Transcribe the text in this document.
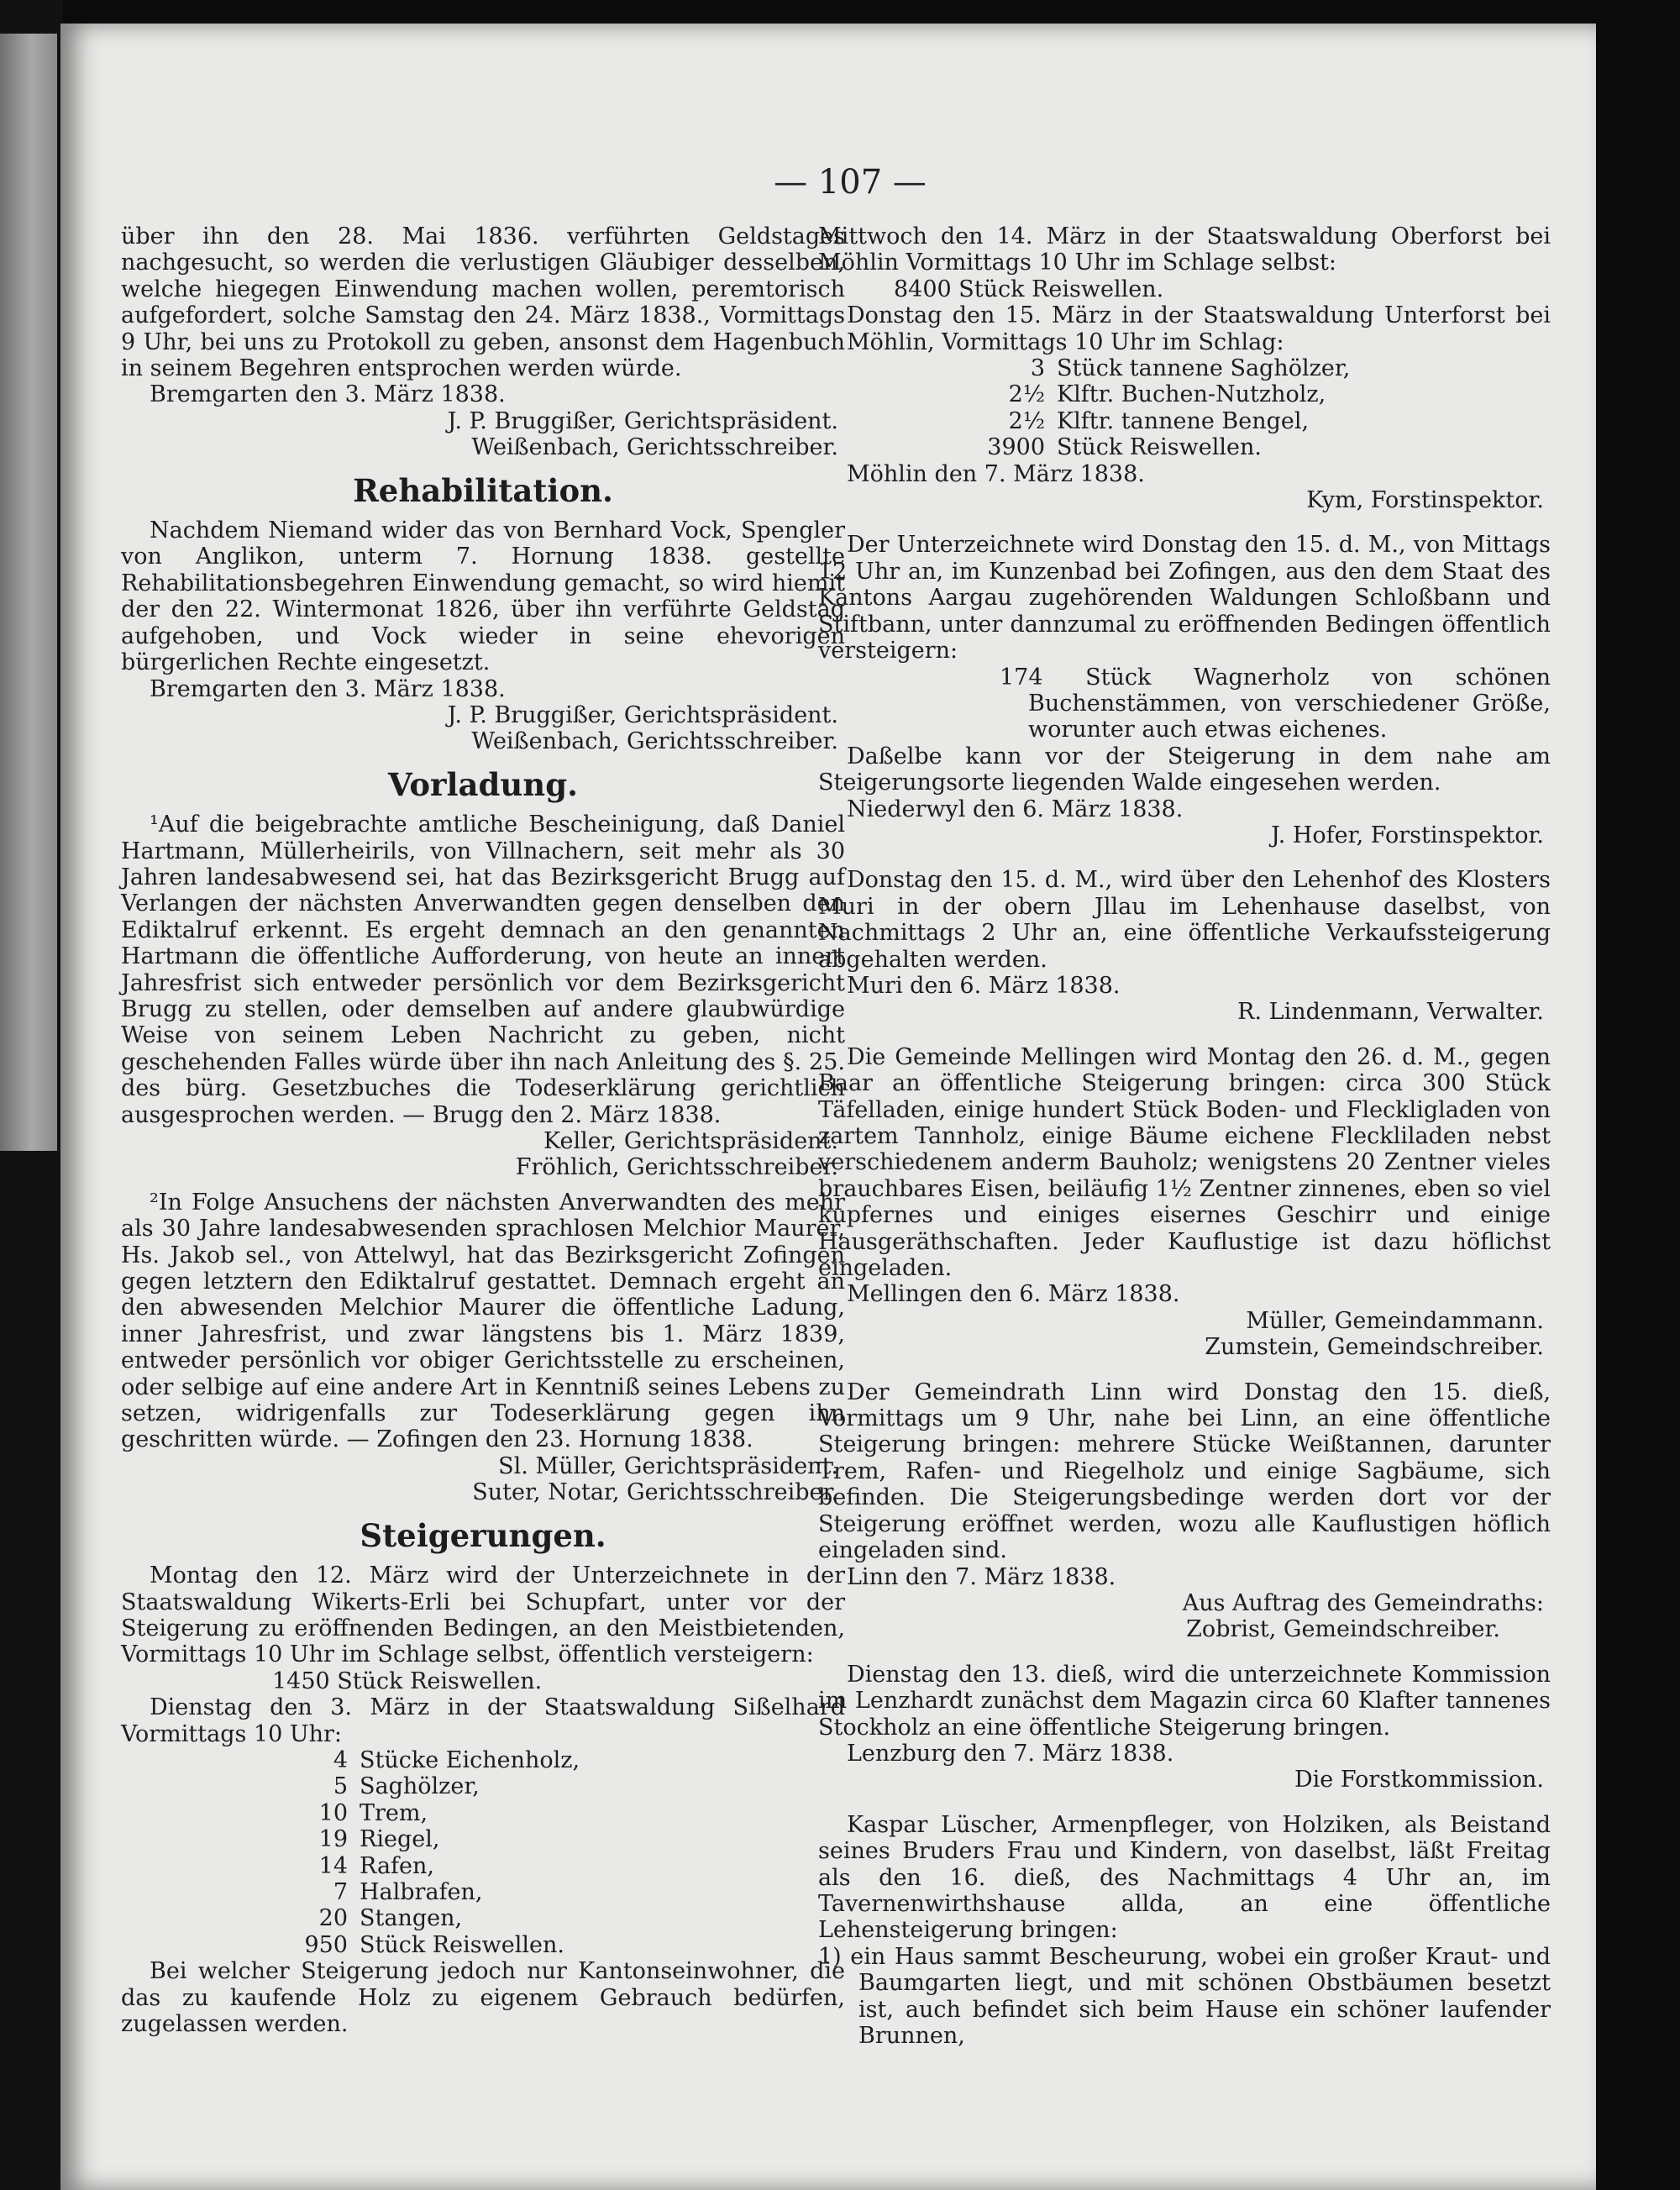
— 107 —

über ihn den 28. Mai 1836. verführten Geldstages nachgesucht, so werden die verlustigen Gläubiger desselben, welche hiegegen Einwendung machen wollen, peremtorisch aufgefordert, solche Samstag den 24. März 1838., Vormittags 9 Uhr, bei uns zu Protokoll zu geben, ansonst dem Hagenbuch in seinem Begehren entsprochen werden würde.

Bremgarten den 3. März 1838.

J. P. Bruggißer, Gerichtspräsident.

Weißenbach, Gerichtsschreiber.

Rehabilitation.

Nachdem Niemand wider das von Bernhard Vock, Spengler von Anglikon, unterm 7. Hornung 1838. gestellte Rehabilitationsbegehren Einwendung gemacht, so wird hiemit der den 22. Wintermonat 1826, über ihn verführte Geldstag aufgehoben, und Vock wieder in seine ehevorigen bürgerlichen Rechte eingesetzt.

Bremgarten den 3. März 1838.

J. P. Bruggißer, Gerichtspräsident.

Weißenbach, Gerichtsschreiber.

Vorladung.

¹Auf die beigebrachte amtliche Bescheinigung, daß Daniel Hartmann, Müllerheirils, von Villnachern, seit mehr als 30 Jahren landesabwesend sei, hat das Bezirksgericht Brugg auf Verlangen der nächsten Anverwandten gegen denselben den Ediktalruf erkennt. Es ergeht demnach an den genannten Hartmann die öffentliche Aufforderung, von heute an innert Jahresfrist sich entweder persönlich vor dem Bezirksgericht Brugg zu stellen, oder demselben auf andere glaubwürdige Weise von seinem Leben Nachricht zu geben, nicht geschehenden Falles würde über ihn nach Anleitung des §. 25. des bürg. Gesetzbuches die Todeserklärung gerichtlich ausgesprochen werden. — Brugg den 2. März 1838.

Keller, Gerichtspräsident.

Fröhlich, Gerichtsschreiber.

²In Folge Ansuchens der nächsten Anverwandten des mehr als 30 Jahre landesabwesenden sprachlosen Melchior Maurer, Hs. Jakob sel., von Attelwyl, hat das Bezirksgericht Zofingen gegen letztern den Ediktalruf gestattet. Demnach ergeht an den abwesenden Melchior Maurer die öffentliche Ladung, inner Jahresfrist, und zwar längstens bis 1. März 1839, entweder persönlich vor obiger Gerichtsstelle zu erscheinen, oder selbige auf eine andere Art in Kenntniß seines Lebens zu setzen, widrigenfalls zur Todeserklärung gegen ihn geschritten würde. — Zofingen den 23. Hornung 1838.

Sl. Müller, Gerichtspräsident.

Suter, Notar, Gerichtsschreiber.

Steigerungen.

Montag den 12. März wird der Unterzeichnete in der Staatswaldung Wikerts-Erli bei Schupfart, unter vor der Steigerung zu eröffnenden Bedingen, an den Meistbietenden, Vormittags 10 Uhr im Schlage selbst, öffentlich versteigern:

1450 Stück Reiswellen.

Dienstag den 3. März in der Staatswaldung Sißelhard Vormittags 10 Uhr:

4 Stücke Eichenholz,

5 Saghölzer,

10 Trem,

19 Riegel,

14 Rafen,

7 Halbrafen,

20 Stangen,

950 Stück Reiswellen.

Bei welcher Steigerung jedoch nur Kantonseinwohner, die das zu kaufende Holz zu eigenem Gebrauch bedürfen, zugelassen werden.

Mittwoch den 14. März in der Staatswaldung Oberforst bei Möhlin Vormittags 10 Uhr im Schlage selbst:

8400 Stück Reiswellen.

Donstag den 15. März in der Staatswaldung Unterforst bei Möhlin, Vormittags 10 Uhr im Schlag:

3 Stück tannene Saghölzer,

2½ Klftr. Buchen-Nutzholz,

2½ Klftr. tannene Bengel,

3900 Stück Reiswellen.

Möhlin den 7. März 1838.

Kym, Forstinspektor.

Der Unterzeichnete wird Donstag den 15. d. M., von Mittags 12 Uhr an, im Kunzenbad bei Zofingen, aus den dem Staat des Kantons Aargau zugehörenden Waldungen Schloßbann und Stiftbann, unter dannzumal zu eröffnenden Bedingen öffentlich versteigern:

174 Stück Wagnerholz von schönen Buchenstämmen, von verschiedener Größe, worunter auch etwas eichenes.

Daßelbe kann vor der Steigerung in dem nahe am Steigerungsorte liegenden Walde eingesehen werden.

Niederwyl den 6. März 1838.

J. Hofer, Forstinspektor.

Donstag den 15. d. M., wird über den Lehenhof des Klosters Muri in der obern Jllau im Lehenhause daselbst, von Nachmittags 2 Uhr an, eine öffentliche Verkaufssteigerung abgehalten werden.

Muri den 6. März 1838.

R. Lindenmann, Verwalter.

Die Gemeinde Mellingen wird Montag den 26. d. M., gegen Baar an öffentliche Steigerung bringen: circa 300 Stück Täfelladen, einige hundert Stück Boden- und Fleckligladen von zartem Tannholz, einige Bäume eichene Fleckliladen nebst verschiedenem anderm Bauholz; wenigstens 20 Zentner vieles brauchbares Eisen, beiläufig 1½ Zentner zinnenes, eben so viel kupfernes und einiges eisernes Geschirr und einige Hausgeräthschaften. Jeder Kauflustige ist dazu höflichst eingeladen.

Mellingen den 6. März 1838.

Müller, Gemeindammann.

Zumstein, Gemeindschreiber.

Der Gemeindrath Linn wird Donstag den 15. dieß, Vormittags um 9 Uhr, nahe bei Linn, an eine öffentliche Steigerung bringen: mehrere Stücke Weißtannen, darunter Trem, Rafen- und Riegelholz und einige Sagbäume, sich befinden. Die Steigerungsbedinge werden dort vor der Steigerung eröffnet werden, wozu alle Kauflustigen höflich eingeladen sind.

Linn den 7. März 1838.

Aus Auftrag des Gemeindraths:

Zobrist, Gemeindschreiber.

Dienstag den 13. dieß, wird die unterzeichnete Kommission im Lenzhardt zunächst dem Magazin circa 60 Klafter tannenes Stockholz an eine öffentliche Steigerung bringen.

Lenzburg den 7. März 1838.

Die Forstkommission.

Kaspar Lüscher, Armenpfleger, von Holziken, als Beistand seines Bruders Frau und Kindern, von daselbst, läßt Freitag als den 16. dieß, des Nachmittags 4 Uhr an, im Tavernenwirthshause allda, an eine öffentliche Lehensteigerung bringen:

1) ein Haus sammt Bescheurung, wobei ein großer Kraut- und Baumgarten liegt, und mit schönen Obstbäumen besetzt ist, auch befindet sich beim Hause ein schöner laufender Brunnen,
